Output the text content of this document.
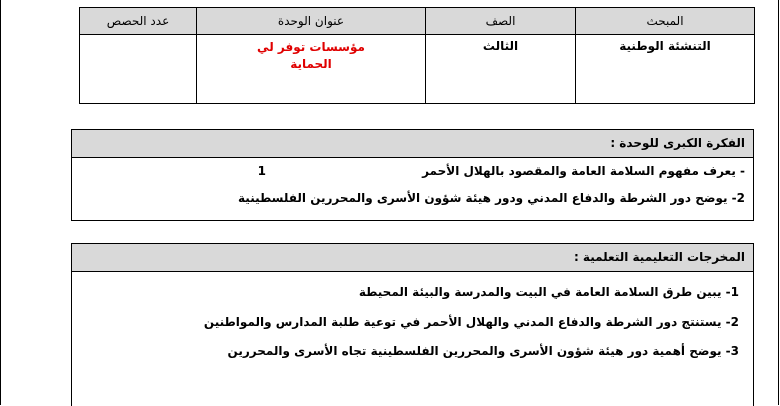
المبحث	الصف	عنوان الوحدة	عدد الحصص
التنشئة الوطنية	الثالث	مؤسسات توفر لي
الحماية	

الفكرة الكبرى للوحدة :
- يعرف مفهوم السلامة العامة والمقصود بالهلال الأحمر
1
2- يوضح دور الشرطة والدفاع المدني ودور هيئة شؤون الأسرى والمحررين الفلسطينية
المخرجات التعليمية التعلمية :
1- يبين طرق السلامة العامة في البيت والمدرسة والبيئة المحيطة
2- يستنتج دور الشرطة والدفاع المدني والهلال الأحمر في توعية طلبة المدارس والمواطنين
3- يوضح أهمية دور هيئة شؤون الأسرى والمحررين الفلسطينية تجاه الأسرى والمحررين
